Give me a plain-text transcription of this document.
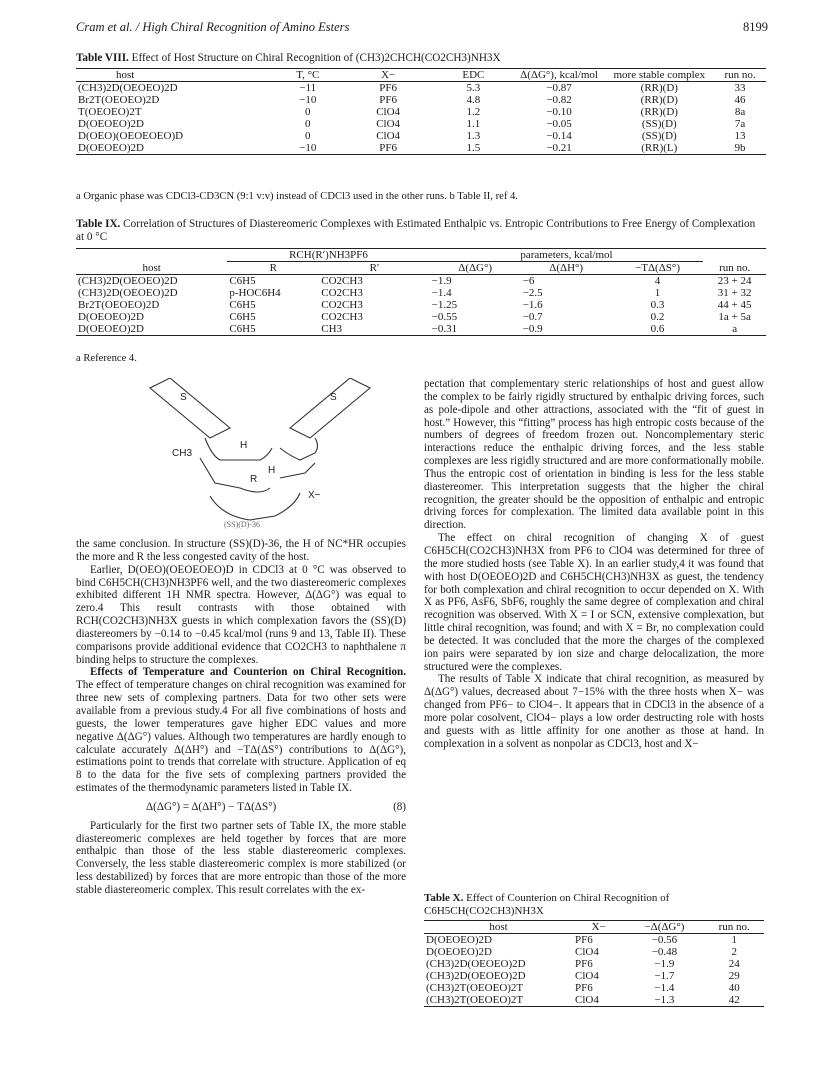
Cram et al. / High Chiral Recognition of Amino Esters	8199
Table VIII. Effect of Host Structure on Chiral Recognition of (CH3)2CHCH(CO2CH3)NH3X
host	T, °C	X−	EDC	Δ(ΔG°), kcal/mol	more stable complex	run no.
(CH3)2D(OEOEO)2D	−11	PF6	5.3	−0.87	(RR)(D)	33
Br2T(OEOEO)2D	−10	PF6	4.8	−0.82	(RR)(D)	46
T(OEOEO)2T	0	ClO4	1.2	−0.10	(RR)(D)	8a
D(OEOEO)2D	0	ClO4	1.1	−0.05	(SS)(D)	7a
D(OEO)(OEOEOEO)D	0	ClO4	1.3	−0.14	(SS)(D)	13
D(OEOEO)2D	−10	PF6	1.5	−0.21	(RR)(L)	9b
a Organic phase was CDCl3-CD3CN (9:1 v:v) instead of CDCl3 used in the other runs. b Table II, ref 4.
Table IX. Correlation of Structures of Diastereomeric Complexes with Estimated Enthalpic vs. Entropic Contributions to Free Energy of Complexation at 0 °C
	RCH(R′)NH3PF6		parameters, kcal/mol			
host	R	R′	Δ(ΔG°)	Δ(ΔH°)	−TΔ(ΔS°)	run no.
(CH3)2D(OEOEO)2D	C6H5	CO2CH3	−1.9	−6	4	23 + 24
(CH3)2D(OEOEO)2D	p-HOC6H4	CO2CH3	−1.4	−2.5	1	31 + 32
Br2T(OEOEO)2D	C6H5	CO2CH3	−1.25	−1.6	0.3	44 + 45
D(OEOEO)2D	C6H5	CO2CH3	−0.55	−0.7	0.2	1a + 5a
D(OEOEO)2D	C6H5	CH3	−0.31	−0.9	0.6	a
a Reference 4.
S	S
CH3
H
H
R
X−
(SS)(D)-36

the same conclusion. In structure (SS)(D)-36, the H of NC*HR occupies the more and R the less congested cavity of the host.

Earlier, D(OEO)(OEOEOEO)D in CDCl3 at 0 °C was observed to bind C6H5CH(CH3)NH3PF6 well, and the two diastereomeric complexes exhibited different 1H NMR spectra. However, Δ(ΔG°) was equal to zero.4 This result contrasts with those obtained with RCH(CO2CH3)NH3X guests in which complexation favors the (SS)(D) diastereomers by −0.14 to −0.45 kcal/mol (runs 9 and 13, Table II). These comparisons provide additional evidence that CO2CH3 to naphthalene π binding helps to structure the complexes.

Effects of Temperature and Counterion on Chiral Recognition. The effect of temperature changes on chiral recognition was examined for three new sets of complexing partners. Data for two other sets were available from a previous study.4 For all five combinations of hosts and guests, the lower temperatures gave higher EDC values and more negative Δ(ΔG°) values. Although two temperatures are hardly enough to calculate accurately Δ(ΔH°) and −TΔ(ΔS°) contributions to Δ(ΔG°), estimations point to trends that correlate with structure. Application of eq 8 to the data for the five sets of complexing partners provided the estimates of the thermodynamic parameters listed in Table IX.

Δ(ΔG°) = Δ(ΔH°) − TΔ(ΔS°)	(8)

Particularly for the first two partner sets of Table IX, the more stable diastereomeric complexes are held together by forces that are more enthalpic than those of the less stable diastereomeric complexes. Conversely, the less stable diastereomeric complex is more stabilized (or less destabilized) by forces that are more entropic than those of the more stable diastereomeric complex. This result correlates with the ex-

pectation that complementary steric relationships of host and guest allow the complex to be fairly rigidly structured by enthalpic driving forces, such as pole-dipole and other attractions, associated with the “fit of guest in host.” However, this “fitting” process has high entropic costs because of the numbers of degrees of freedom frozen out. Noncomplementary steric interactions reduce the enthalpic driving forces, and the less stable complexes are less rigidly structured and are more conformationally mobile. Thus the entropic cost of orientation in binding is less for the less stable diastereomer. This interpretation suggests that the higher the chiral recognition, the greater should be the opposition of enthalpic and entropic driving forces for complexation. The limited data available point in this direction.

The effect on chiral recognition of changing X of guest C6H5CH(CO2CH3)NH3X from PF6 to ClO4 was determined for three of the more studied hosts (see Table X). In an earlier study,4 it was found that with host D(OEOEO)2D and C6H5CH(CH3)NH3X as guest, the tendency for both complexation and chiral recognition to occur depended on X. With X as PF6, AsF6, SbF6, roughly the same degree of complexation and chiral recognition was observed. With X = I or SCN, extensive complexation, but little chiral recognition, was found; and with X = Br, no complexation could be detected. It was concluded that the more the charges of the complexed ion pairs were separated by ion size and charge delocalization, the more structured were the complexes.

The results of Table X indicate that chiral recognition, as measured by Δ(ΔG°) values, decreased about 7−15% with the three hosts when X− was changed from PF6− to ClO4−. It appears that in CDCl3 in the absence of a more polar cosolvent, ClO4− plays a low order destructing role with hosts and guests with as little affinity for one another as those at hand. In complexation in a solvent as nonpolar as CDCl3, host and X−

Table X. Effect of Counterion on Chiral Recognition of C6H5CH(CO2CH3)NH3X
host	X−	−Δ(ΔG°)	run no.
D(OEOEO)2D	PF6	−0.56	1
D(OEOEO)2D	ClO4	−0.48	2
(CH3)2D(OEOEO)2D	PF6	−1.9	24
(CH3)2D(OEOEO)2D	ClO4	−1.7	29
(CH3)2T(OEOEO)2T	PF6	−1.4	40
(CH3)2T(OEOEO)2T	ClO4	−1.3	42
